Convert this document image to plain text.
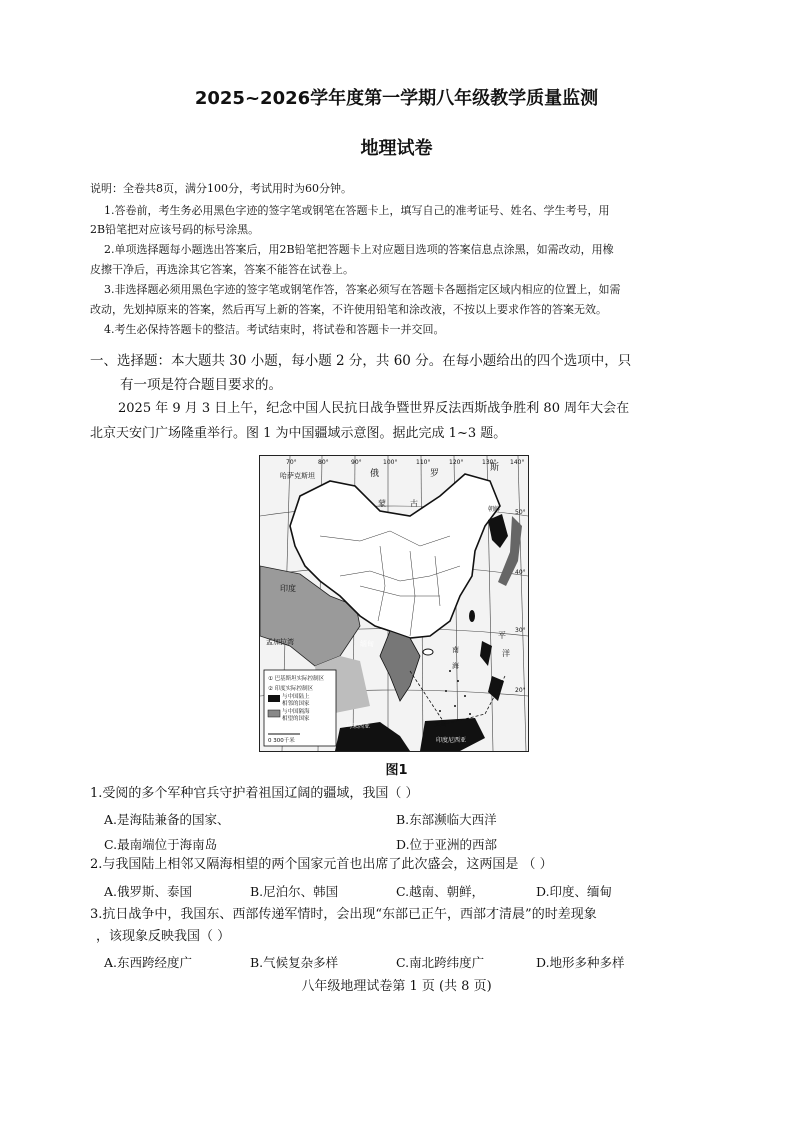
2025~2026学年度第一学期八年级教学质量监测
地理试卷
说明：全卷共8页，满分100分，考试用时为60分钟。
1.答卷前，考生务必用黑色字迹的签字笔或钢笔在答题卡上，填写自己的准考证号、姓名、学生考号，用
2B铅笔把对应该号码的标号涂黑。
2.单项选择题每小题选出答案后，用2B铅笔把答题卡上对应题目选项的答案信息点涂黑，如需改动，用橡
皮擦干净后，再选涂其它答案，答案不能答在试卷上。
3.非选择题必须用黑色字迹的签字笔或钢笔作答，答案必须写在答题卡各题指定区域内相应的位置上，如需
改动，先划掉原来的答案，然后再写上新的答案，不许使用铅笔和涂改液，不按以上要求作答的答案无效。
4.考生必保持答题卡的整洁。考试结束时，将试卷和答题卡一并交回。
一、选择题：本大题共 30 小题，每小题 2 分，共 60 分。在每小题给出的四个选项中，只
有一项是符合题目要求的。
2025 年 9 月 3 日上午，纪念中国人民抗日战争暨世界反法西斯战争胜利 80 周年大会在
北京天安门广场隆重举行。图 1 为中国疆域示意图。据此完成 1~3 题。
哈萨克斯坦	俄	罗
斯
蒙	古
朝鲜
印度
孟加拉湾	缅甸
南
海
平
洋
马来西亚	文莱
印度尼西亚
70°	80°	90°	100°	110°	120°	130° 140°
50°
40°
30°
20°
① 巴基斯坦实际控制区
② 印度实际控制区
与中国陆上
相邻的国家
与中国隔海
相望的国家
0 300千米
图1
1.受阅的多个军种官兵守护着祖国辽阔的疆域，我国（ ）
A.是海陆兼备的国家、	B.东部濒临大西洋
C.最南端位于海南岛	D.位于亚洲的西部
2.与我国陆上相邻又隔海相望的两个国家元首也出席了此次盛会，这两国是 （ ）
A.俄罗斯、泰国	B.尼泊尔、韩国	C.越南、朝鲜，	D.印度、缅甸
3.抗日战争中，我国东、西部传递军情时，会出现“东部已正午，西部才清晨”的时差现象
，该现象反映我国（ ）
A.东西跨经度广	B.气候复杂多样	C.南北跨纬度广	D.地形多种多样
八年级地理试卷第 1 页 (共 8 页)
